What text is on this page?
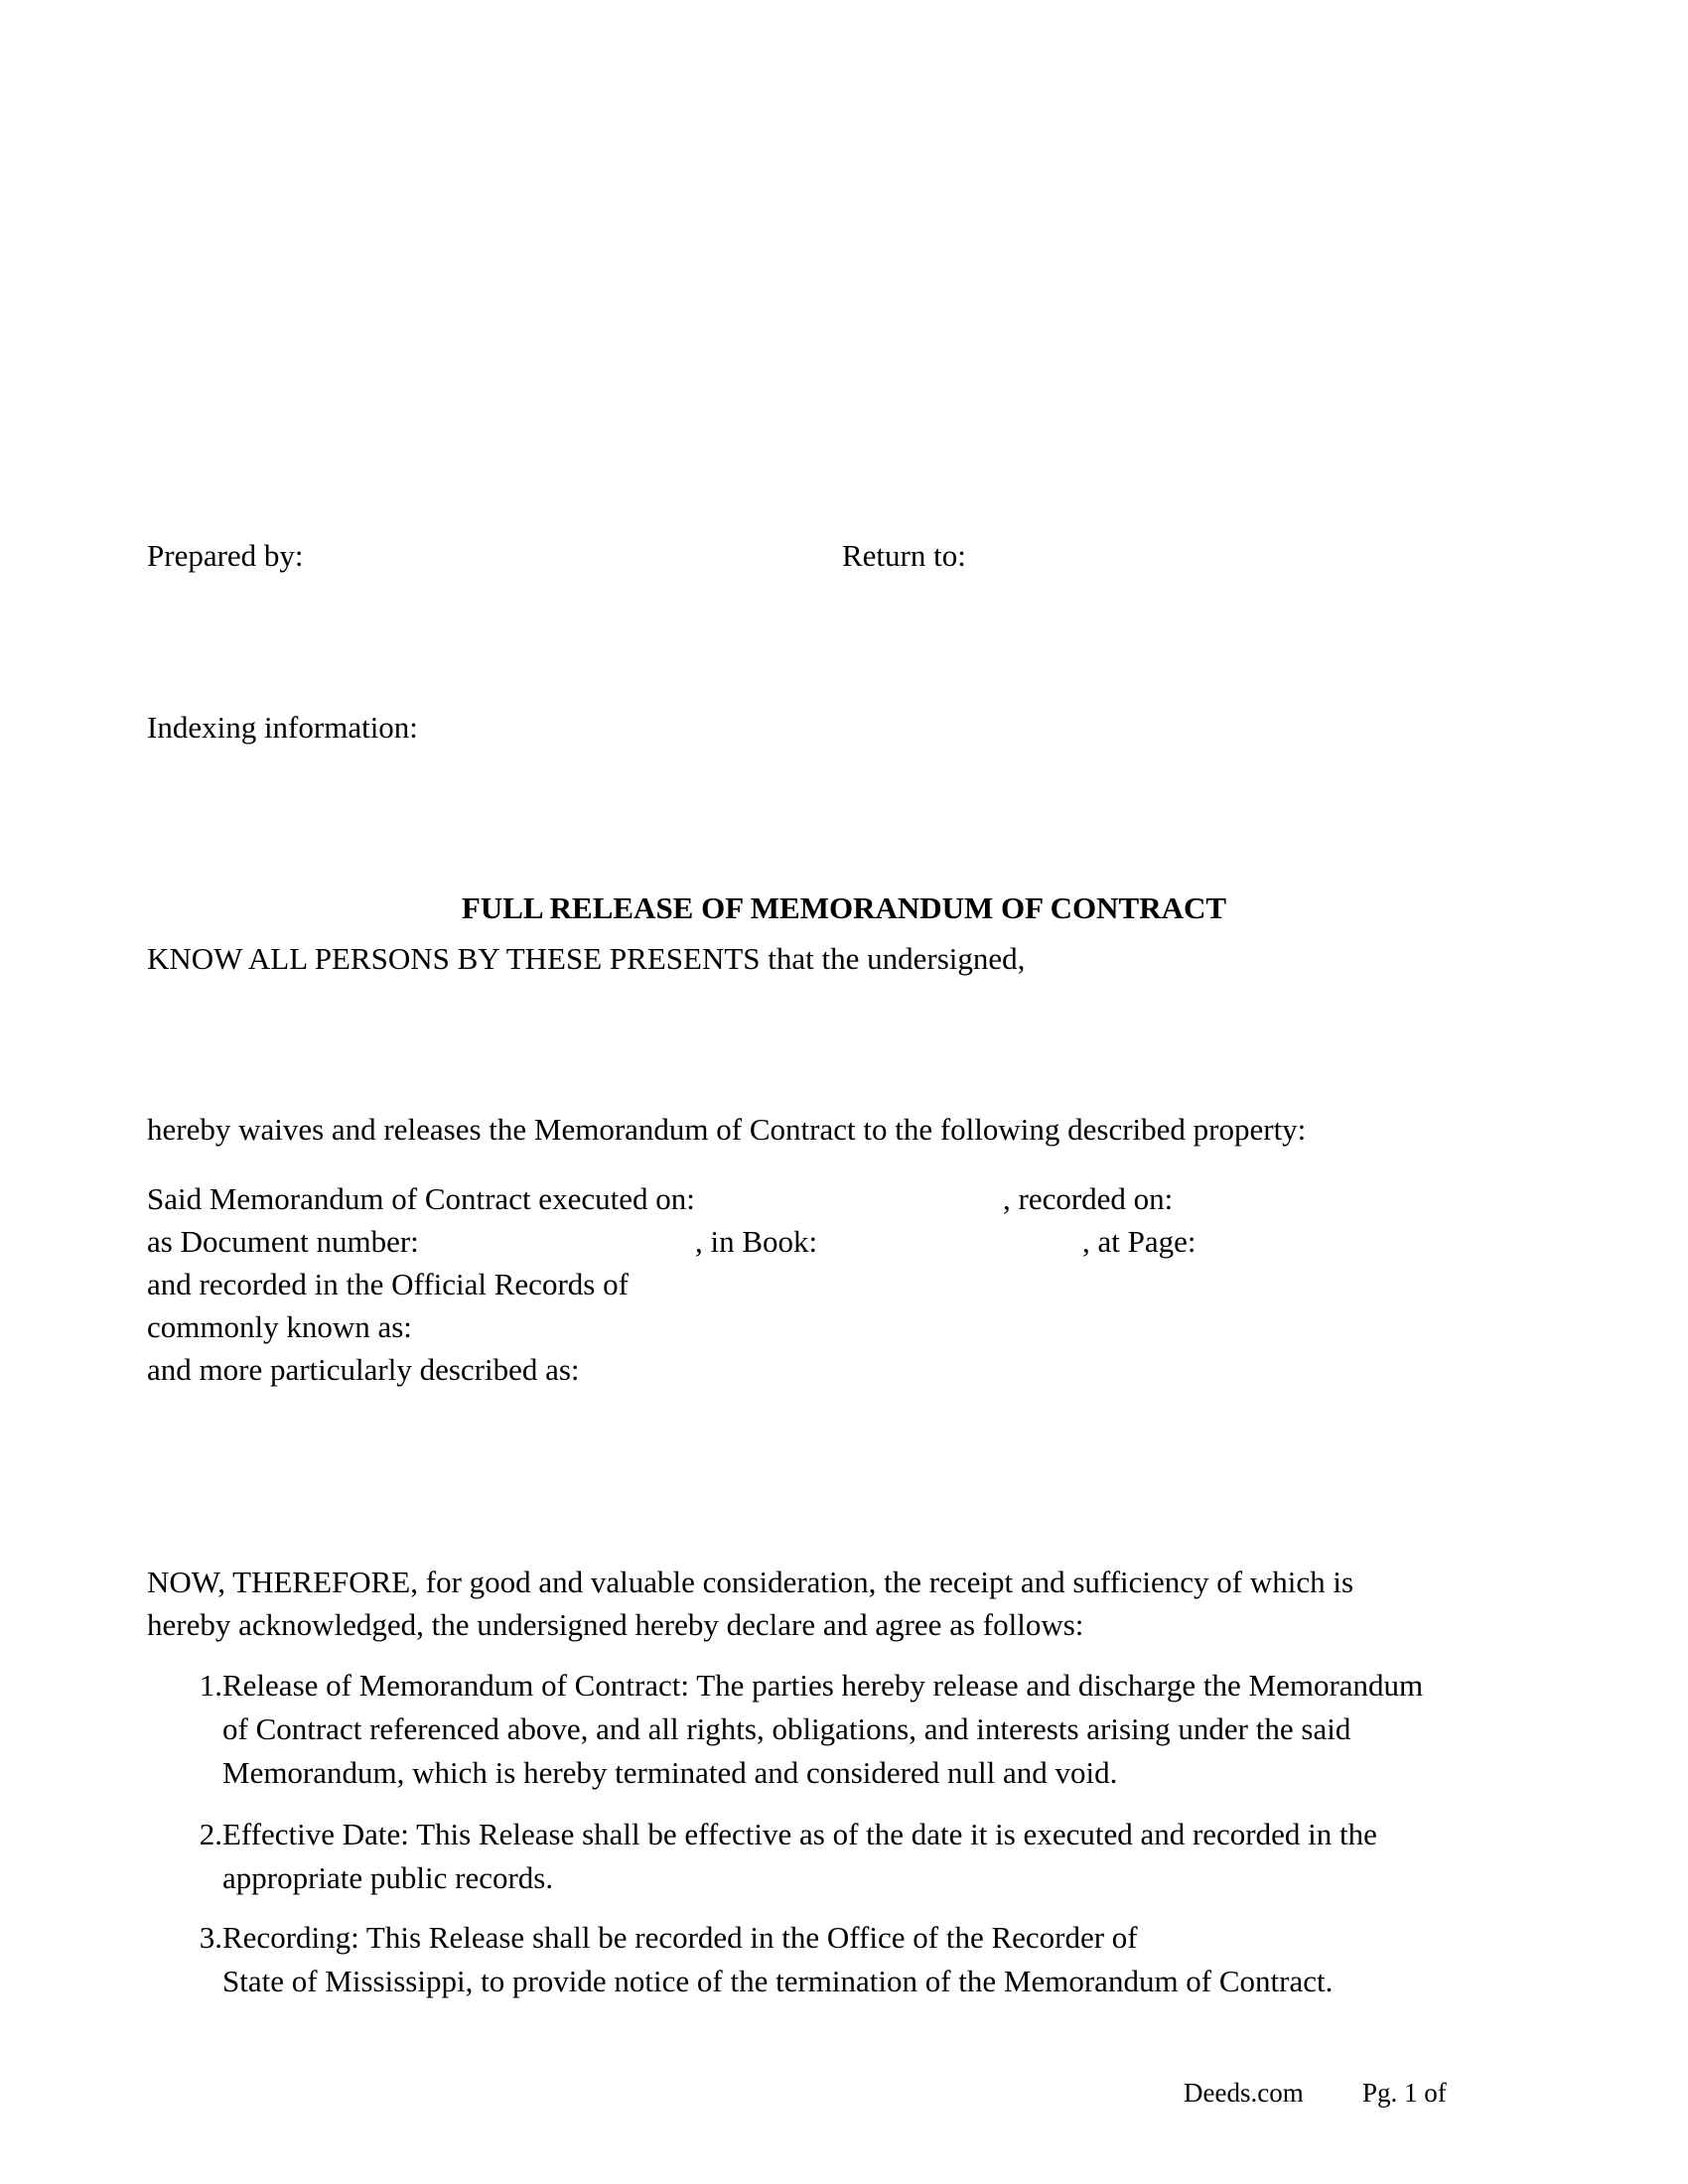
Prepared by:	Return to:
Indexing information:
FULL RELEASE OF MEMORANDUM OF CONTRACT
KNOW ALL PERSONS BY THESE PRESENTS that the undersigned,
hereby waives and releases the Memorandum of Contract to the following described property:
Said Memorandum of Contract executed on:	, recorded on:
as Document number:	, in Book:	, at Page:
and recorded in the Official Records of
commonly known as:
and more particularly described as:
NOW, THEREFORE, for good and valuable consideration, the receipt and sufficiency of which is
hereby acknowledged, the undersigned hereby declare and agree as follows:
1. Release of Memorandum of Contract: The parties hereby release and discharge the Memorandum
of Contract referenced above, and all rights, obligations, and interests arising under the said
Memorandum, which is hereby terminated and considered null and void.
2. Effective Date: This Release shall be effective as of the date it is executed and recorded in the
appropriate public records.
3. Recording: This Release shall be recorded in the Office of the Recorder of
State of Mississippi, to provide notice of the termination of the Memorandum of Contract.
Deeds.com Pg. 1 of
